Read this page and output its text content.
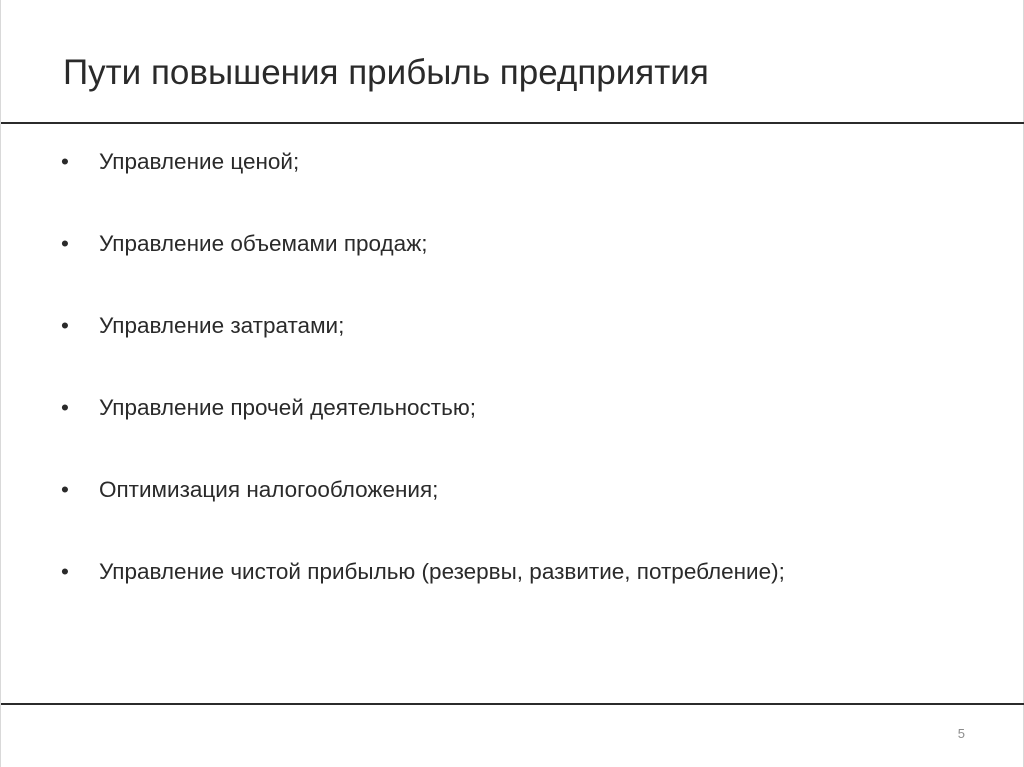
Пути повышения прибыль предприятия
•	Управление ценой;
•	Управление объемами продаж;
•	Управление затратами;
•	Управление прочей деятельностью;
•	Оптимизация налогообложения;
•	Управление чистой прибылью (резервы, развитие, потребление);
5
